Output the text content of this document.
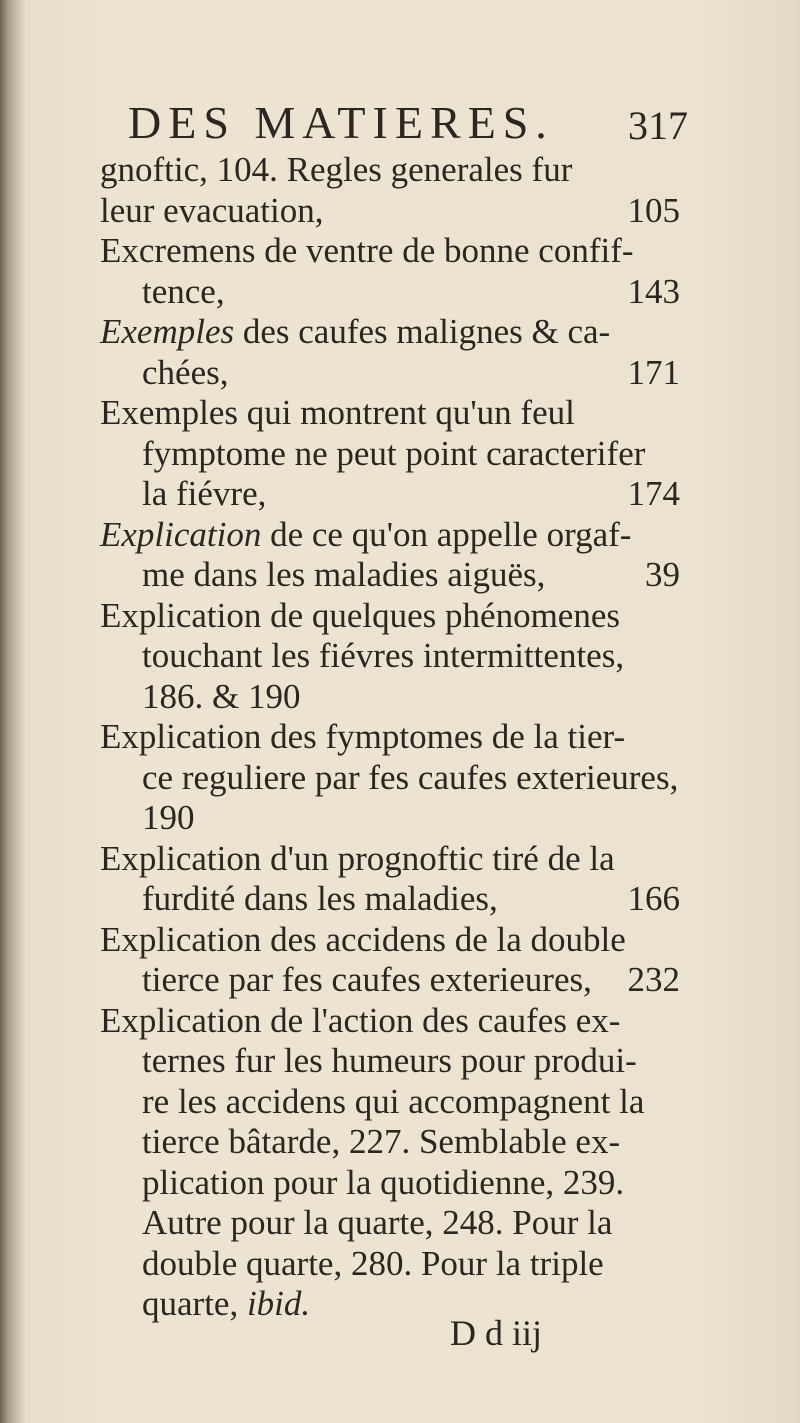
DES MATIERES. 317
gnoftic, 104. Regles generales fur
leur evacuation,	105
Excremens de ventre de bonne confif-
tence,	143
Exemples des caufes malignes & ca-
chées,	171
Exemples qui montrent qu'un feul
fymptome ne peut point caracterifer
la fiévre,	174
Explication de ce qu'on appelle orgaf-
me dans les maladies aiguës,	39
Explication de quelques phénomenes
touchant les fiévres intermittentes,
186. & 190
Explication des fymptomes de la tier-
ce reguliere par fes caufes exterieures,
190
Explication d'un prognoftic tiré de la
furdité dans les maladies,	166
Explication des accidens de la double
tierce par fes caufes exterieures, 232
Explication de l'action des caufes ex-
ternes fur les humeurs pour produi-
re les accidens qui accompagnent la
tierce bâtarde, 227. Semblable ex-
plication pour la quotidienne, 239.
Autre pour la quarte, 248. Pour la
double quarte, 280. Pour la triple
quarte, ibid.
D d iij
